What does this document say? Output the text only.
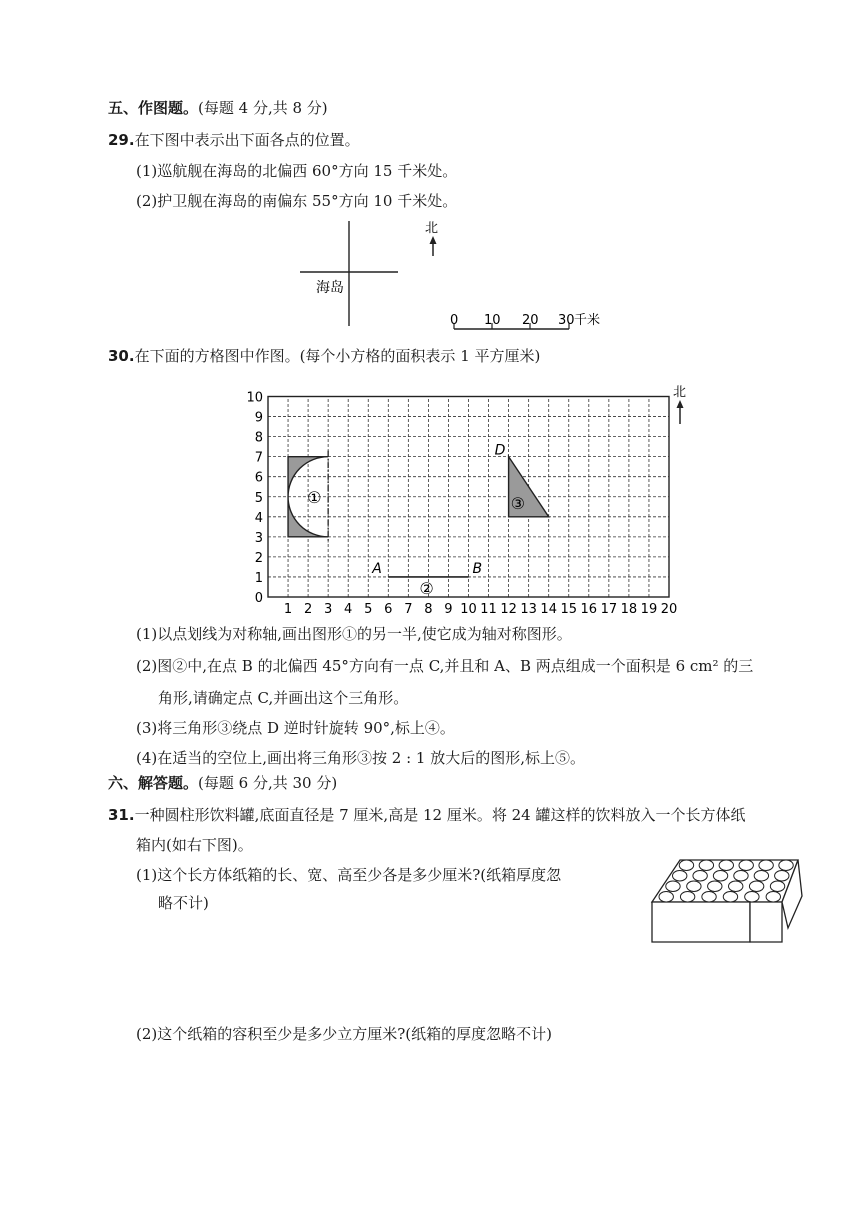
五、作图题。(每题 4 分,共 8 分)
29.在下图中表示出下面各点的位置。
(1)巡航舰在海岛的北偏西 60°方向 15 千米处。
(2)护卫舰在海岛的南偏东 55°方向 10 千米处。
海岛
北
0 10 20 30 千米
30.在下面的方格图中作图。(每个小方格的面积表示 1 平方厘米)
1 2 3 4 5 6 7 8 9 10 11 12 13 14 15 16 17 18 19 20
0
1
2
3
4
5
6
7
8
9
10
①
A	B
②
D
③
北
(1)以点划线为对称轴,画出图形①的另一半,使它成为轴对称图形。
(2)图②中,在点 B 的北偏西 45°方向有一点 C,并且和 A、B 两点组成一个面积是 6 cm² 的三
角形,请确定点 C,并画出这个三角形。
(3)将三角形③绕点 D 逆时针旋转 90°,标上④。
(4)在适当的空位上,画出将三角形③按 2 : 1 放大后的图形,标上⑤。
六、解答题。(每题 6 分,共 30 分)
31.一种圆柱形饮料罐,底面直径是 7 厘米,高是 12 厘米。将 24 罐这样的饮料放入一个长方体纸
箱内(如右下图)。
(1)这个长方体纸箱的长、宽、高至少各是多少厘米?(纸箱厚度忽
略不计)
(2)这个纸箱的容积至少是多少立方厘米?(纸箱的厚度忽略不计)
